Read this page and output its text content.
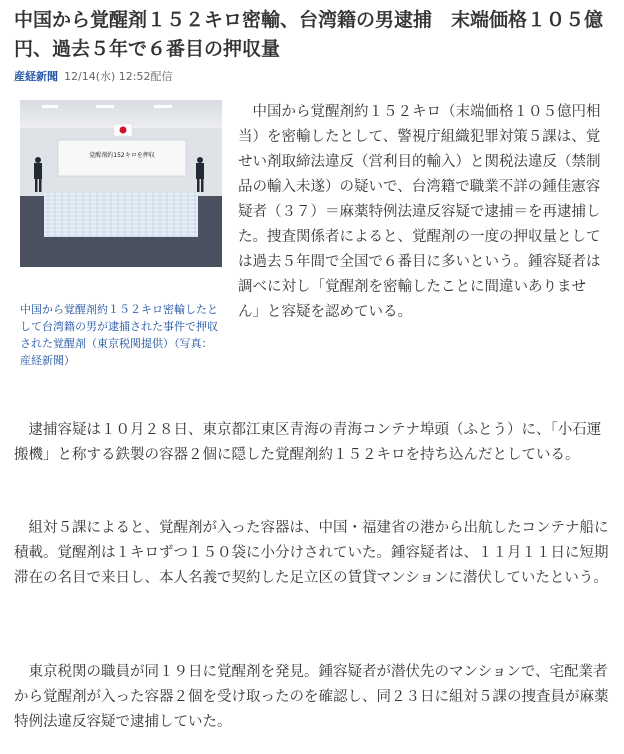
中国から覚醒剤１５２キロ密輸、台湾籍の男逮捕　末端価格１０５億円、過去５年で６番目の押収量
産経新聞 12/14(水) 12:52配信
覚醒剤約152キロを押収
中国から覚醒剤約１５２キロ密輸したとして台湾籍の男が逮捕された事件で押収された覚醒剤（東京税関提供）（写真：産経新聞）

中国から覚醒剤約１５２キロ（末端価格１０５億円相当）を密輸したとして、警視庁組織犯罪対策５課は、覚せい剤取締法違反（営利目的輸入）と関税法違反（禁制品の輸入未遂）の疑いで、台湾籍で職業不詳の鍾佳憲容疑者（３７）＝麻薬特例法違反容疑で逮捕＝を再逮捕した。捜査関係者によると、覚醒剤の一度の押収量としては過去５年間で全国で６番目に多いという。鍾容疑者は調べに対し「覚醒剤を密輸したことに間違いありません」と容疑を認めている。

逮捕容疑は１０月２８日、東京都江東区青海の青海コンテナ埠頭（ふとう）に、「小石運搬機」と称する鉄製の容器２個に隠した覚醒剤約１５２キロを持ち込んだとしている。

組対５課によると、覚醒剤が入った容器は、中国・福建省の港から出航したコンテナ船に積載。覚醒剤は１キロずつ１５０袋に小分けされていた。鍾容疑者は、１１月１１日に短期滞在の名目で来日し、本人名義で契約した足立区の賃貸マンションに潜伏していたという。

東京税関の職員が同１９日に覚醒剤を発見。鍾容疑者が潜伏先のマンションで、宅配業者から覚醒剤が入った容器２個を受け取ったのを確認し、同２３日に組対５課の捜査員が麻薬特例法違反容疑で逮捕していた。
